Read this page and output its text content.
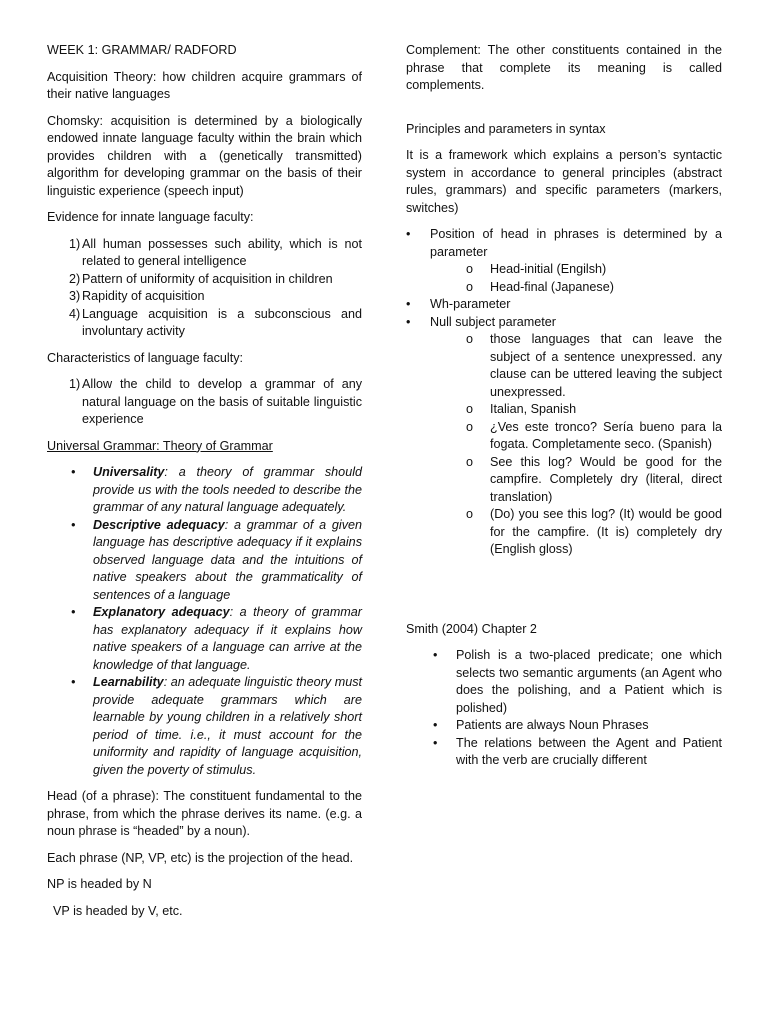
WEEK 1: GRAMMAR/ RADFORD

Acquisition Theory: how children acquire grammars of their native languages

Chomsky: acquisition is determined by a biologically endowed innate language faculty within the brain which provides children with a (genetically transmitted) algorithm for developing grammar on the basis of their linguistic experience (speech input)

Evidence for innate language faculty:

1) All human possesses such ability, which is not related to general intelligence
2) Pattern of uniformity of acquisition in children
3) Rapidity of acquisition
4) Language acquisition is a subconscious and involuntary activity

Characteristics of language faculty:

1) Allow the child to develop a grammar of any natural language on the basis of suitable linguistic experience

Universal Grammar: Theory of Grammar

• Universality: a theory of grammar should provide us with the tools needed to describe the grammar of any natural language adequately.
• Descriptive adequacy: a grammar of a given language has descriptive adequacy if it explains observed language data and the intuitions of native speakers about the grammaticality of sentences of a language
• Explanatory adequacy: a theory of grammar has explanatory adequacy if it explains how native speakers of a language can arrive at the knowledge of that language.
• Learnability: an adequate linguistic theory must provide adequate grammars which are learnable by young children in a relatively short period of time. i.e., it must account for the uniformity and rapidity of language acquisition, given the poverty of stimulus.

Head (of a phrase): The constituent fundamental to the phrase, from which the phrase derives its name. (e.g. a noun phrase is “headed” by a noun).

Each phrase (NP, VP, etc) is the projection of the head.

NP is headed by N

VP is headed by V, etc.

Complement: The other constituents contained in the phrase that complete its meaning is called complements.

Principles and parameters in syntax

It is a framework which explains a person’s syntactic system in accordance to general principles (abstract rules, grammars) and specific parameters (markers, switches)

• Position of head in phrases is determined by a parameter
o Head-initial (Engilsh)
o Head-final (Japanese)
• Wh-parameter
• Null subject parameter
o those languages that can leave the subject of a sentence unexpressed. any clause can be uttered leaving the subject unexpressed.
o Italian, Spanish
o ¿Ves este tronco? Sería bueno para la fogata. Completamente seco. (Spanish)
o See this log? Would be good for the campfire. Completely dry (literal, direct translation)
o (Do) you see this log? (It) would be good for the campfire. (It is) completely dry (English gloss)

Smith (2004) Chapter 2

• Polish is a two-placed predicate; one which selects two semantic arguments (an Agent who does the polishing, and a Patient which is polished)
• Patients are always Noun Phrases
• The relations between the Agent and Patient with the verb are crucially different
